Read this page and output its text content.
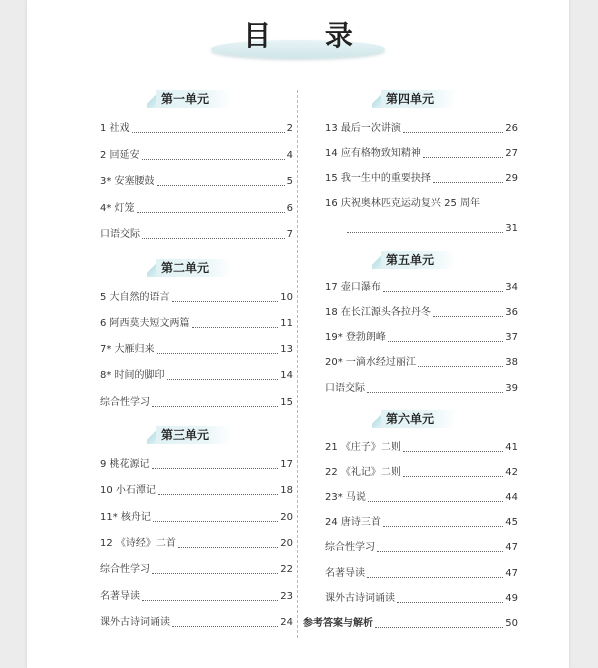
目 录
第一单元
1 社戏	2
2 回延安	4
3* 安塞腰鼓	5
4* 灯笼	6
口语交际	7
第二单元
5 大自然的语言	10
6 阿西莫夫短文两篇	11
7* 大雁归来	13
8* 时间的脚印	14
综合性学习	15
第三单元
9 桃花源记	17
10 小石潭记	18
11* 核舟记	20
12 《诗经》二首	20
综合性学习	22
名著导读	23
课外古诗词诵读	24
第四单元
13 最后一次讲演	26
14 应有格物致知精神	27
15 我一生中的重要抉择	29
16 庆祝奥林匹克运动复兴 25 周年
31
第五单元
17 壶口瀑布	34
18 在长江源头各拉丹冬	36
19* 登勃朗峰	37
20* 一滴水经过丽江	38
口语交际	39
第六单元
21 《庄子》二则	41
22 《礼记》二则	42
23* 马说	44
24 唐诗三首	45
综合性学习	47
名著导读	47
课外古诗词诵读	49
参考答案与解析	50
